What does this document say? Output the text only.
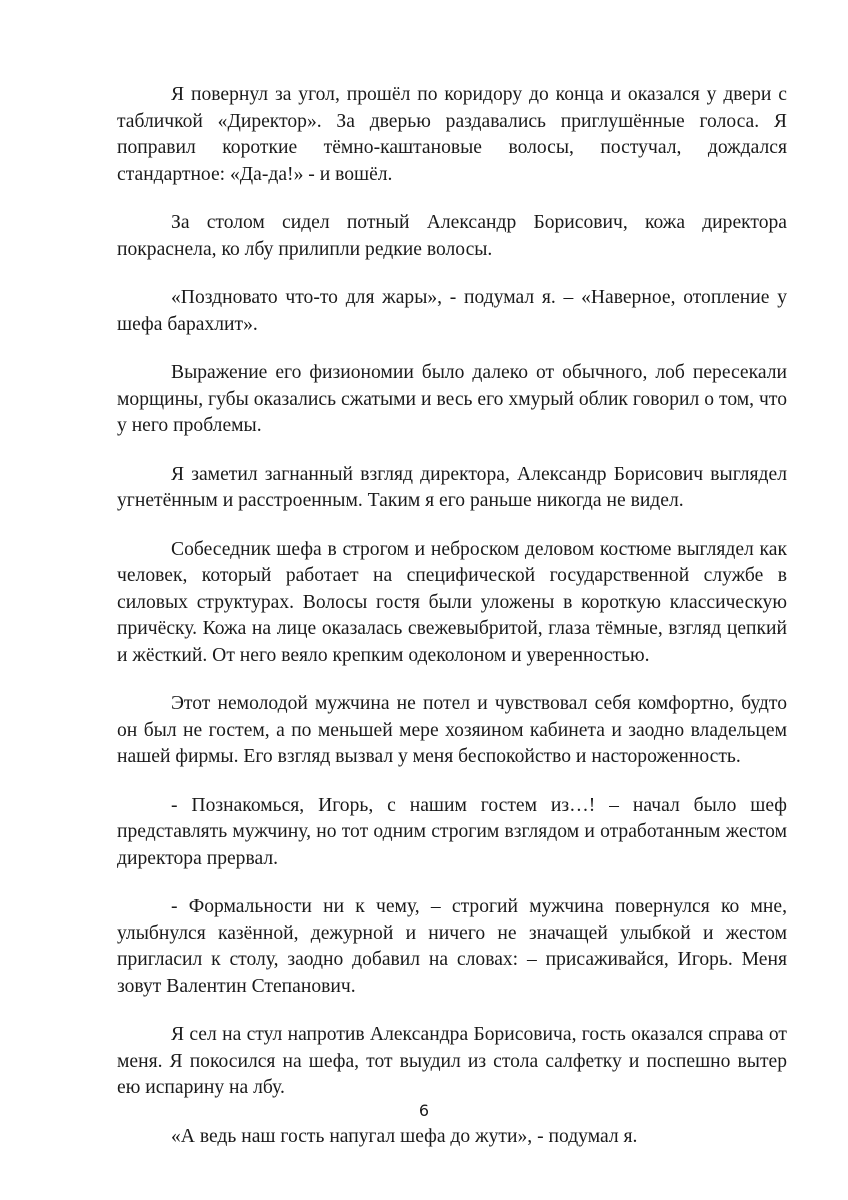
Я повернул за угол, прошёл по коридору до конца и оказался у двери с табличкой «Директор». За дверью раздавались приглушённые голоса. Я поправил короткие тёмно-каштановые волосы, постучал, дождался стандартное: «Да-да!» - и вошёл.

За столом сидел потный Александр Борисович, кожа директора покраснела, ко лбу прилипли редкие волосы.

«Поздновато что-то для жары», - подумал я. – «Наверное, отопление у шефа барахлит».

Выражение его физиономии было далеко от обычного, лоб пересекали морщины, губы оказались сжатыми и весь его хмурый облик говорил о том, что у него проблемы.

Я заметил загнанный взгляд директора, Александр Борисович выглядел угнетённым и расстроенным. Таким я его раньше никогда не видел.

Собеседник шефа в строгом и неброском деловом костюме выглядел как человек, который работает на специфической государственной службе в силовых структурах. Волосы гостя были уложены в короткую классическую причёску. Кожа на лице оказалась свежевыбритой, глаза тёмные, взгляд цепкий и жёсткий. От него веяло крепким одеколоном и уверенностью.

Этот немолодой мужчина не потел и чувствовал себя комфортно, будто он был не гостем, а по меньшей мере хозяином кабинета и заодно владельцем нашей фирмы. Его взгляд вызвал у меня беспокойство и настороженность.

- Познакомься, Игорь, с нашим гостем из…! – начал было шеф представлять мужчину, но тот одним строгим взглядом и отработанным жестом директора прервал.

- Формальности ни к чему, – строгий мужчина повернулся ко мне, улыбнулся казённой, дежурной и ничего не значащей улыбкой и жестом пригласил к столу, заодно добавил на словах: – присаживайся, Игорь. Меня зовут Валентин Степанович.

Я сел на стул напротив Александра Борисовича, гость оказался справа от меня. Я покосился на шефа, тот выудил из стола салфетку и поспешно вытер ею испарину на лбу.

«А ведь наш гость напугал шефа до жути», - подумал я.

6
